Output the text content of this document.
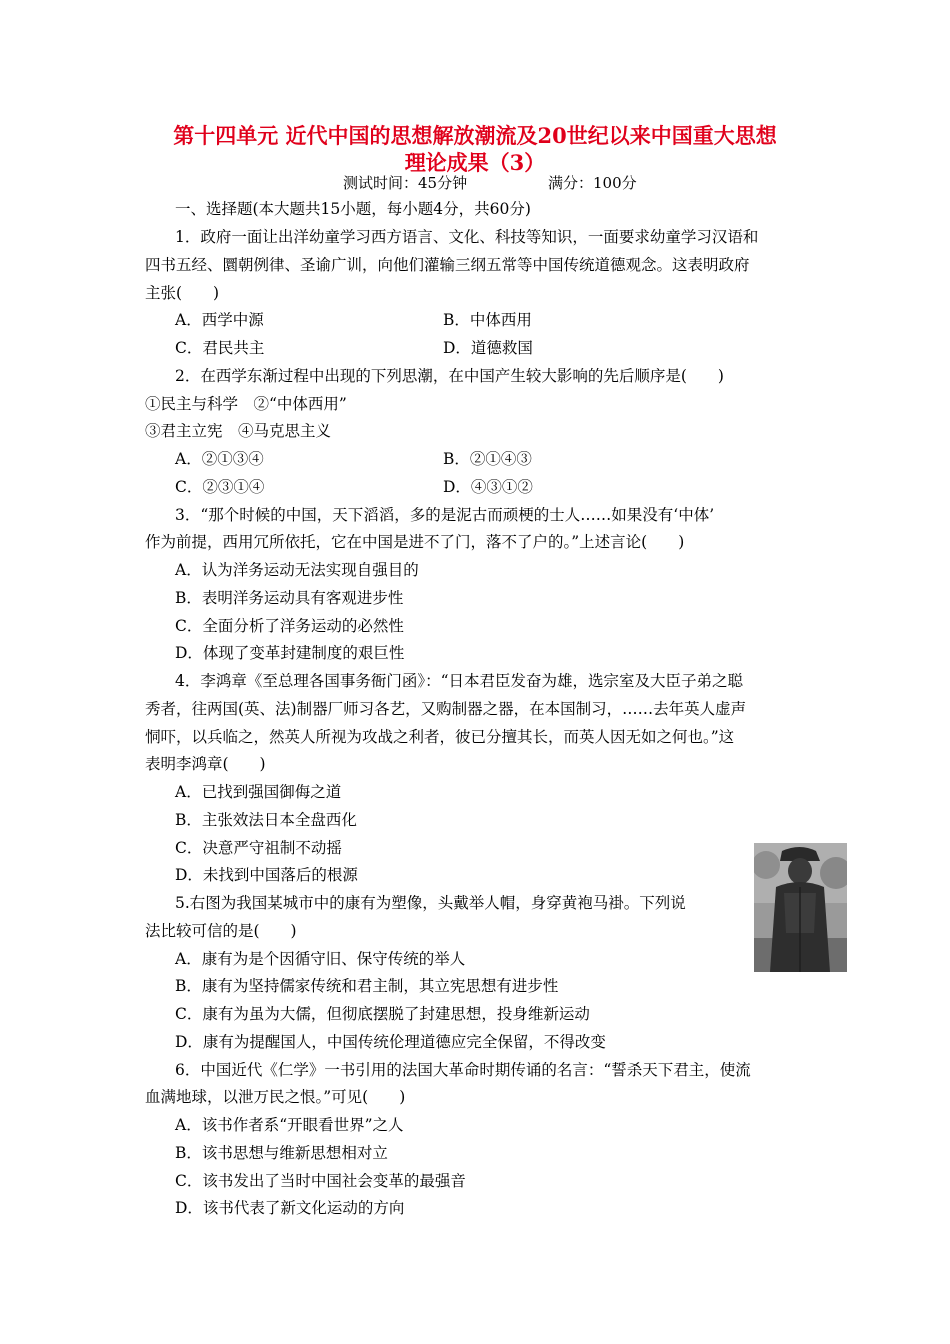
第十四单元 近代中国的思想解放潮流及20世纪以来中国重大思想
理论成果（3）
测试时间：45分钟	满分：100分
一、选择题(本大题共15小题，每小题4分，共60分)
1．政府一面让出洋幼童学习西方语言、文化、科技等知识，一面要求幼童学习汉语和
四书五经、圜朝例律、圣谕广训，向他们灌输三纲五常等中国传统道德观念。这表明政府
主张(　　)
A．西学中源	B．中体西用
C．君民共主	D．道德救国
2．在西学东渐过程中出现的下列思潮，在中国产生较大影响的先后顺序是(　　)
①民主与科学　②“中体西用”
③君主立宪　④马克思主义
A．②①③④	B．②①④③
C．②③①④	D．④③①②
3．“那个时候的中国，天下滔滔，多的是泥古而顽梗的士人……如果没有‘中体’
作为前提，西用冗所依托，它在中国是进不了门，落不了户的。”上述言论(　　)
A．认为洋务运动无法实现自强目的
B．表明洋务运动具有客观进步性
C．全面分析了洋务运动的必然性
D．体现了变革封建制度的艰巨性
4．李鸿章《至总理各国事务衙门函》：“日本君臣发奋为雄，选宗室及大臣子弟之聪
秀者，往两国(英、法)制器厂师习各艺，又购制器之器，在本国制习，……去年英人虚声
恫吓，以兵临之，然英人所视为攻战之利者，彼已分擅其长，而英人因无如之何也。”这
表明李鸿章(　　)
A．已找到强国御侮之道
B．主张效法日本全盘西化
C．决意严守祖制不动摇
D．未找到中国落后的根源
5.右图为我国某城市中的康有为塑像，头戴举人帽，身穿黄袍马褂。下列说
法比较可信的是(　　)
A．康有为是个因循守旧、保守传统的举人
B．康有为坚持儒家传统和君主制，其立宪思想有进步性
C．康有为虽为大儒，但彻底摆脱了封建思想，投身维新运动
D．康有为提醒国人，中国传统伦理道德应完全保留，不得改变
6．中国近代《仁学》一书引用的法国大革命时期传诵的名言：“誓杀天下君主，使流
血满地球，以泄万民之恨。”可见(　　)
A．该书作者系“开眼看世界”之人
B．该书思想与维新思想相对立
C．该书发出了当时中国社会变革的最强音
D．该书代表了新文化运动的方向
